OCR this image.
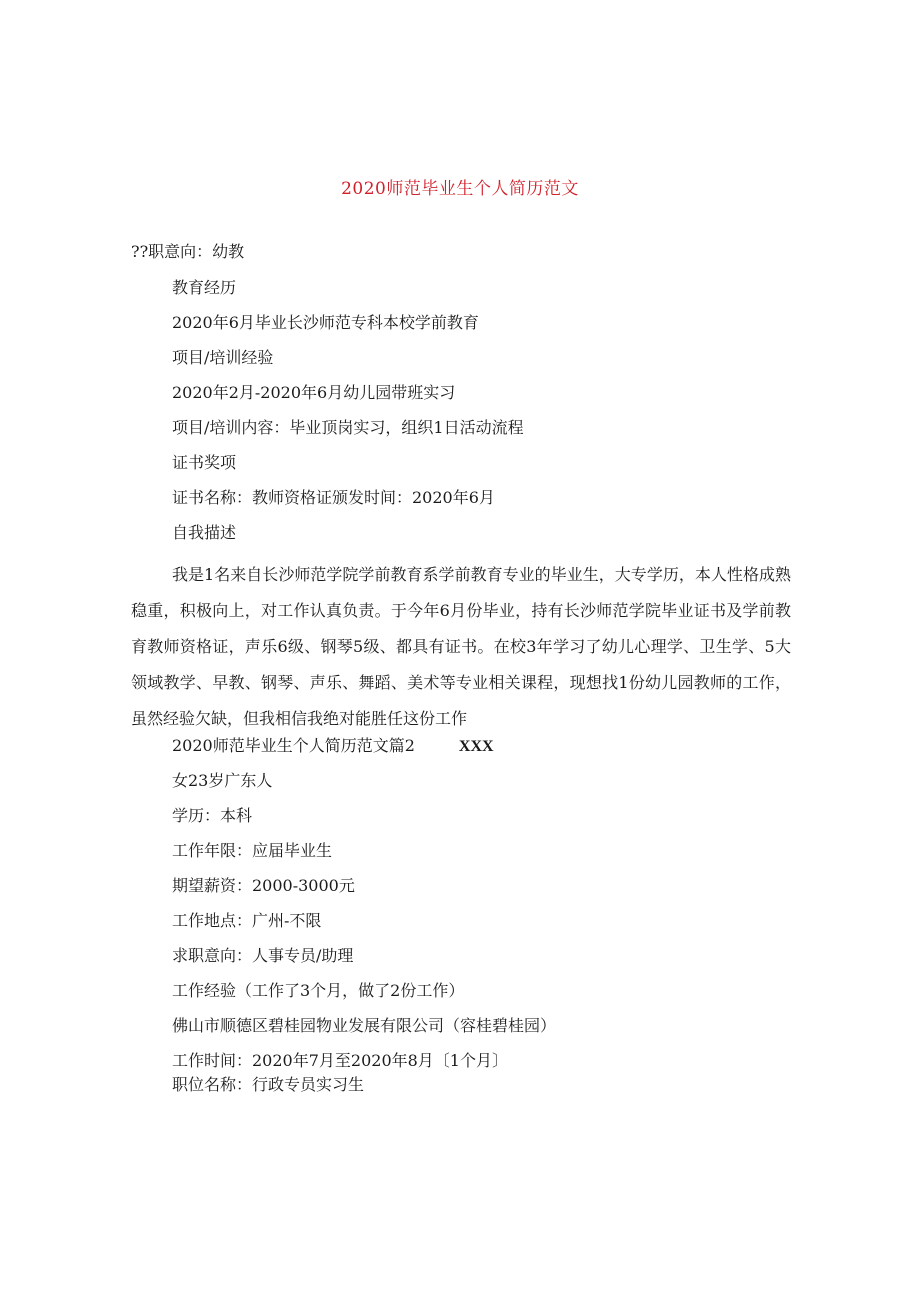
2020师范毕业生个人简历范文
??职意向：幼教
教育经历
2020年6月毕业长沙师范专科本校学前教育
项目/培训经验
2020年2月-2020年6月幼儿园带班实习
项目/培训内容：毕业顶岗实习，组织1日活动流程
证书奖项
证书名称：教师资格证颁发时间：2020年6月
自我描述
我是1名来自长沙师范学院学前教育系学前教育专业的毕业生，大专学历，本人性格成熟稳重，积极向上，对工作认真负责。于今年6月份毕业，持有长沙师范学院毕业证书及学前教育教师资格证，声乐6级、钢琴5级、都具有证书。在校3年学习了幼儿心理学、卫生学、5大领域教学、早教、钢琴、声乐、舞蹈、美术等专业相关课程，现想找1份幼儿园教师的工作，虽然经验欠缺，但我相信我绝对能胜任这份工作
2020师范毕业生个人简历范文篇2	XXX
女23岁广东人
学历：本科
工作年限：应届毕业生
期望薪资：2000-3000元
工作地点：广州-不限
求职意向：人事专员/助理
工作经验（工作了3个月，做了2份工作）
佛山市顺德区碧桂园物业发展有限公司（容桂碧桂园）
工作时间：2020年7月至2020年8月〔1个月〕
职位名称：行政专员实习生
